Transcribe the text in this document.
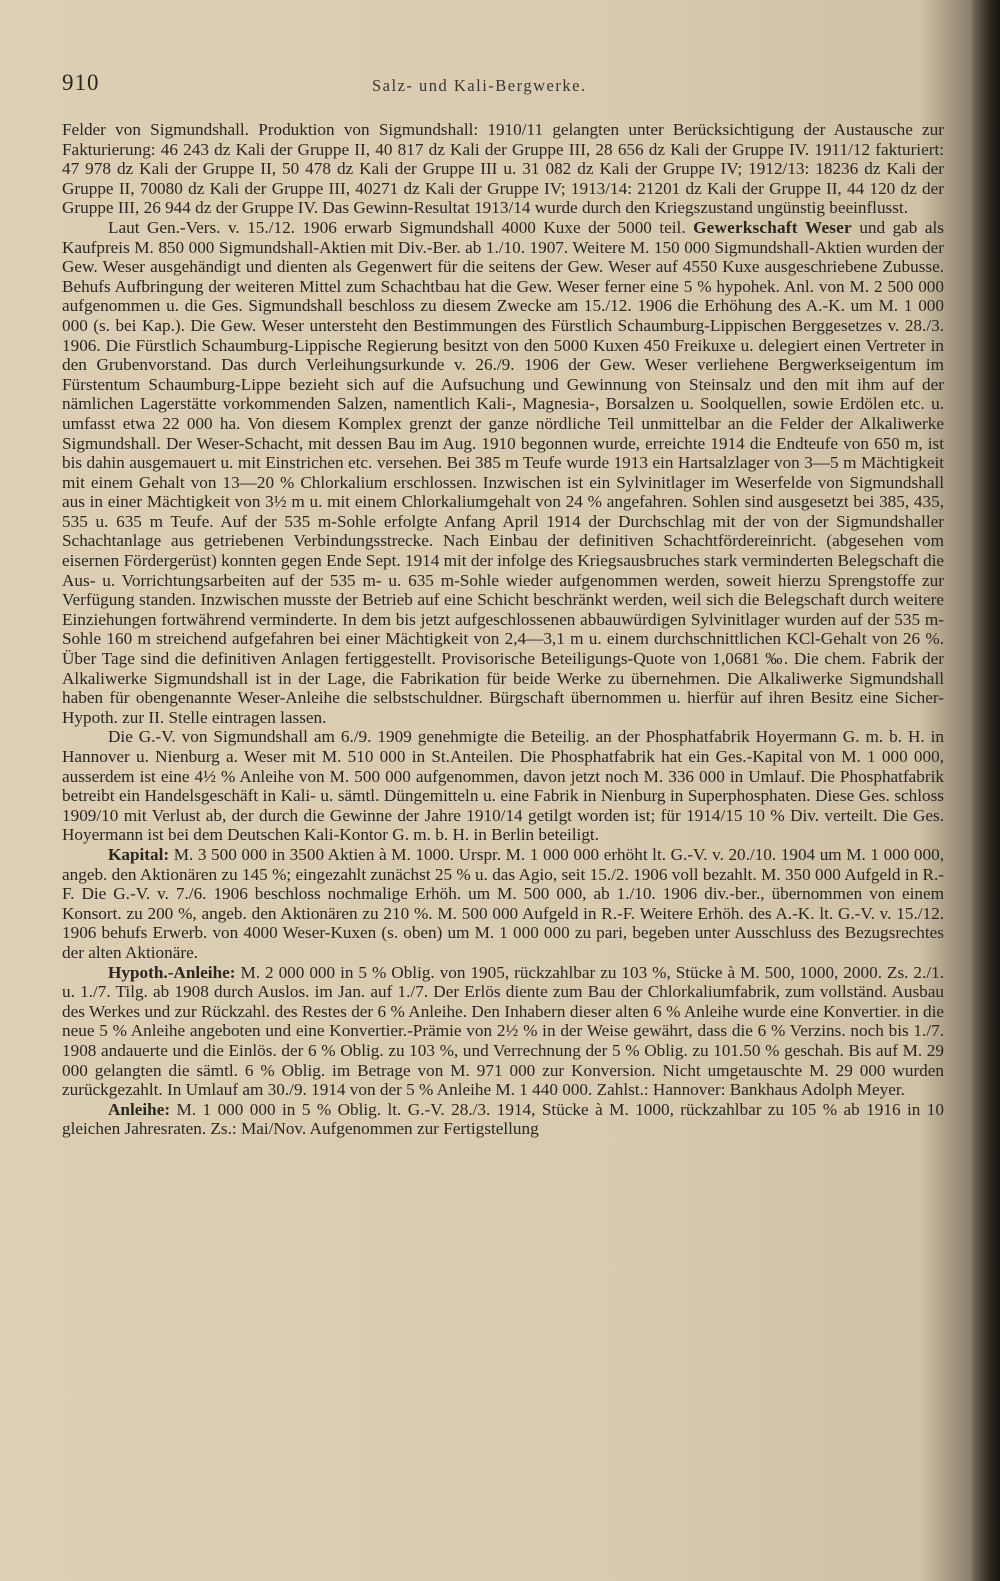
910	Salz- und Kali-Bergwerke.

Felder von Sigmundshall. Produktion von Sigmundshall: 1910/11 gelangten unter Berücksichtigung der Austausche zur Fakturierung: 46 243 dz Kali der Gruppe II, 40 817 dz Kali der Gruppe III, 28 656 dz Kali der Gruppe IV. 1911/12 fakturiert: 47 978 dz Kali der Gruppe II, 50 478 dz Kali der Gruppe III u. 31 082 dz Kali der Gruppe IV; 1912/13: 18236 dz Kali der Gruppe II, 70080 dz Kali der Gruppe III, 40271 dz Kali der Gruppe IV; 1913/14: 21201 dz Kali der Gruppe II, 44 120 dz der Gruppe III, 26 944 dz der Gruppe IV. Das Gewinn-Resultat 1913/14 wurde durch den Kriegszustand ungünstig beeinflusst.

Laut Gen.-Vers. v. 15./12. 1906 erwarb Sigmundshall 4000 Kuxe der 5000 teil. Gewerkschaft Weser und gab als Kaufpreis M. 850 000 Sigmundshall-Aktien mit Div.-Ber. ab 1./10. 1907. Weitere M. 150 000 Sigmundshall-Aktien wurden der Gew. Weser ausgehändigt und dienten als Gegenwert für die seitens der Gew. Weser auf 4550 Kuxe ausgeschriebene Zubusse. Behufs Aufbringung der weiteren Mittel zum Schachtbau hat die Gew. Weser ferner eine 5 % hypohek. Anl. von M. 2 500 000 aufgenommen u. die Ges. Sigmundshall beschloss zu diesem Zwecke am 15./12. 1906 die Erhöhung des A.-K. um M. 1 000 000 (s. bei Kap.). Die Gew. Weser untersteht den Bestimmungen des Fürstlich Schaumburg-Lippischen Berggesetzes v. 28./3. 1906. Die Fürstlich Schaumburg-Lippische Regierung besitzt von den 5000 Kuxen 450 Freikuxe u. delegiert einen Vertreter in den Grubenvorstand. Das durch Verleihungsurkunde v. 26./9. 1906 der Gew. Weser verliehene Bergwerkseigentum im Fürstentum Schaumburg-Lippe bezieht sich auf die Aufsuchung und Gewinnung von Steinsalz und den mit ihm auf der nämlichen Lagerstätte vorkommenden Salzen, namentlich Kali-, Magnesia-, Borsalzen u. Soolquellen, sowie Erdölen etc. u. umfasst etwa 22 000 ha. Von diesem Komplex grenzt der ganze nördliche Teil unmittelbar an die Felder der Alkaliwerke Sigmundshall. Der Weser-Schacht, mit dessen Bau im Aug. 1910 begonnen wurde, erreichte 1914 die Endteufe von 650 m, ist bis dahin ausgemauert u. mit Einstrichen etc. versehen. Bei 385 m Teufe wurde 1913 ein Hartsalzlager von 3—5 m Mächtigkeit mit einem Gehalt von 13—20 % Chlorkalium erschlossen. Inzwischen ist ein Sylvinitlager im Weserfelde von Sigmundshall aus in einer Mächtigkeit von 3½ m u. mit einem Chlorkaliumgehalt von 24 % angefahren. Sohlen sind ausgesetzt bei 385, 435, 535 u. 635 m Teufe. Auf der 535 m-Sohle erfolgte Anfang April 1914 der Durchschlag mit der von der Sigmundshaller Schachtanlage aus getriebenen Verbindungsstrecke. Nach Einbau der definitiven Schachtfördereinricht. (abgesehen vom eisernen Fördergerüst) konnten gegen Ende Sept. 1914 mit der infolge des Kriegsausbruches stark verminderten Belegschaft die Aus- u. Vorrichtungsarbeiten auf der 535 m- u. 635 m-Sohle wieder aufgenommen werden, soweit hierzu Sprengstoffe zur Verfügung standen. Inzwischen musste der Betrieb auf eine Schicht beschränkt werden, weil sich die Belegschaft durch weitere Einziehungen fortwährend verminderte. In dem bis jetzt aufgeschlossenen abbauwürdigen Sylvinitlager wurden auf der 535 m-Sohle 160 m streichend aufgefahren bei einer Mächtigkeit von 2,4—3,1 m u. einem durchschnittlichen KCl-Gehalt von 26 %. Über Tage sind die definitiven Anlagen fertiggestellt. Provisorische Beteiligungs-Quote von 1,0681 ‰. Die chem. Fabrik der Alkaliwerke Sigmundshall ist in der Lage, die Fabrikation für beide Werke zu übernehmen. Die Alkaliwerke Sigmundshall haben für obengenannte Weser-Anleihe die selbstschuldner. Bürgschaft übernommen u. hierfür auf ihren Besitz eine Sicher-Hypoth. zur II. Stelle eintragen lassen.

Die G.-V. von Sigmundshall am 6./9. 1909 genehmigte die Beteilig. an der Phosphatfabrik Hoyermann G. m. b. H. in Hannover u. Nienburg a. Weser mit M. 510 000 in St.Anteilen. Die Phosphatfabrik hat ein Ges.-Kapital von M. 1 000 000, ausserdem ist eine 4½ % Anleihe von M. 500 000 aufgenommen, davon jetzt noch M. 336 000 in Umlauf. Die Phosphatfabrik betreibt ein Handelsgeschäft in Kali- u. sämtl. Düngemitteln u. eine Fabrik in Nienburg in Superphosphaten. Diese Ges. schloss 1909/10 mit Verlust ab, der durch die Gewinne der Jahre 1910/14 getilgt worden ist; für 1914/15 10 % Div. verteilt. Die Ges. Hoyermann ist bei dem Deutschen Kali-Kontor G. m. b. H. in Berlin beteiligt.

Kapital: M. 3 500 000 in 3500 Aktien à M. 1000. Urspr. M. 1 000 000 erhöht lt. G.-V. v. 20./10. 1904 um M. 1 000 000, angeb. den Aktionären zu 145 %; eingezahlt zunächst 25 % u. das Agio, seit 15./2. 1906 voll bezahlt. M. 350 000 Aufgeld in R.-F. Die G.-V. v. 7./6. 1906 beschloss nochmalige Erhöh. um M. 500 000, ab 1./10. 1906 div.-ber., übernommen von einem Konsort. zu 200 %, angeb. den Aktionären zu 210 %. M. 500 000 Aufgeld in R.-F. Weitere Erhöh. des A.-K. lt. G.-V. v. 15./12. 1906 behufs Erwerb. von 4000 Weser-Kuxen (s. oben) um M. 1 000 000 zu pari, begeben unter Ausschluss des Bezugsrechtes der alten Aktionäre.

Hypoth.-Anleihe: M. 2 000 000 in 5 % Oblig. von 1905, rückzahlbar zu 103 %, Stücke à M. 500, 1000, 2000. Zs. 2./1. u. 1./7. Tilg. ab 1908 durch Auslos. im Jan. auf 1./7. Der Erlös diente zum Bau der Chlorkaliumfabrik, zum vollständ. Ausbau des Werkes und zur Rückzahl. des Restes der 6 % Anleihe. Den Inhabern dieser alten 6 % Anleihe wurde eine Konvertier. in die neue 5 % Anleihe angeboten und eine Konvertier.-Prämie von 2½ % in der Weise gewährt, dass die 6 % Verzins. noch bis 1./7. 1908 andauerte und die Einlös. der 6 % Oblig. zu 103 %, und Verrechnung der 5 % Oblig. zu 101.50 % geschah. Bis auf M. 29 000 gelangten die sämtl. 6 % Oblig. im Betrage von M. 971 000 zur Konversion. Nicht umgetauschte M. 29 000 wurden zurückgezahlt. In Umlauf am 30./9. 1914 von der 5 % Anleihe M. 1 440 000. Zahlst.: Hannover: Bankhaus Adolph Meyer.

Anleihe: M. 1 000 000 in 5 % Oblig. lt. G.-V. 28./3. 1914, Stücke à M. 1000, rückzahlbar zu 105 % ab 1916 in 10 gleichen Jahresraten. Zs.: Mai/Nov. Aufgenommen zur Fertigstellung
